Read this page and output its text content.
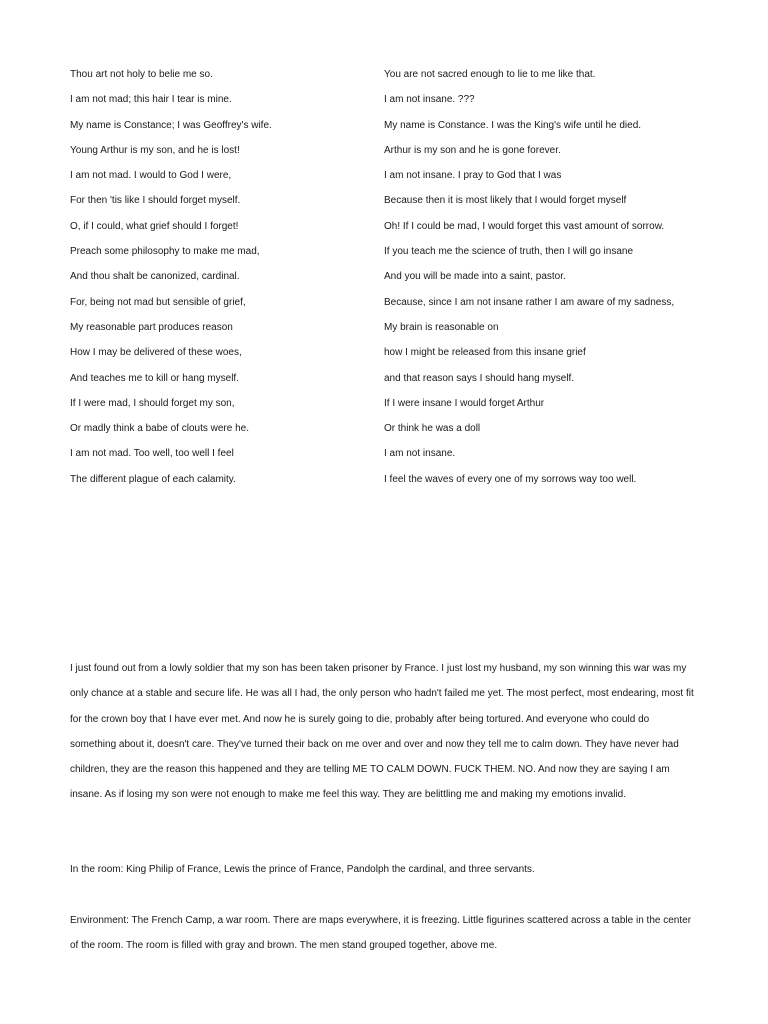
Thou art not holy to belie me so.	You are not sacred enough to lie to me like that.
I am not mad; this hair I tear is mine.	I am not insane. ???
My name is Constance; I was Geoffrey's wife.	My name is Constance. I was the King's wife until he died.
Young Arthur is my son, and he is lost!	Arthur is my son and he is gone forever.
I am not mad. I would to God I were,	I am not insane. I pray to God that I was
For then 'tis like I should forget myself.	Because then it is most likely that I would forget myself
O, if I could, what grief should I forget!	Oh! If I could be mad, I would forget this vast amount of sorrow.
Preach some philosophy to make me mad,	If you teach me the science of truth, then I will go insane
And thou shalt be canonized, cardinal.	And you will be made into a saint, pastor.
For, being not mad but sensible of grief,	Because, since I am not insane rather I am aware of my sadness,
My reasonable part produces reason	My brain is reasonable on
How I may be delivered of these woes,	how I might be released from this insane grief
And teaches me to kill or hang myself.	and that reason says I should hang myself.
If I were mad, I should forget my son,	If I were insane I would forget Arthur
Or madly think a babe of clouts were he.	Or think he was a doll
I am not mad. Too well, too well I feel	I am not insane.
The different plague of each calamity.	I feel the waves of every one of my sorrows way too well.

I just found out from a lowly soldier that my son has been taken prisoner by France. I just lost my husband, my son winning this war was my only chance at a stable and secure life. He was all I had, the only person who hadn't failed me yet. The most perfect, most endearing, most fit for the crown boy that I have ever met. And now he is surely going to die, probably after being tortured. And everyone who could do something about it, doesn't care. They've turned their back on me over and over and now they tell me to calm down. They have never had children, they are the reason this happened and they are telling ME TO CALM DOWN. FUCK THEM. NO. And now they are saying I am insane. As if losing my son were not enough to make me feel this way. They are belittling me and making my emotions invalid.

In the room: King Philip of France, Lewis the prince of France, Pandolph the cardinal, and three servants.

Environment: The French Camp, a war room. There are maps everywhere, it is freezing. Little figurines scattered across a table in the center of the room. The room is filled with gray and brown. The men stand grouped together, above me.
